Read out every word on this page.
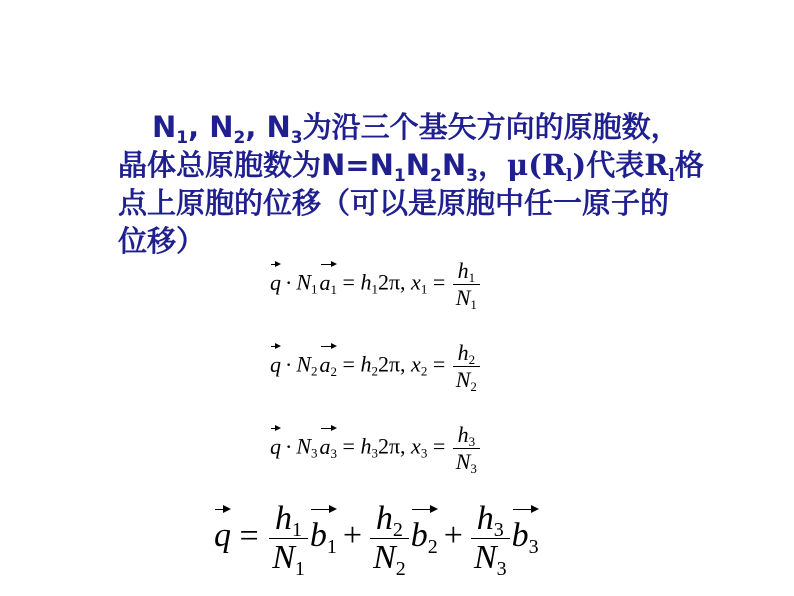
$N_1$, $N_2$, $N_3$为沿三个基矢方向的原胞数，
晶体总原胞数为$N=N_1N_2N_3$，$\mu(R_l)$代表$R_l$格
点上原胞的位移（可以是原胞中任一原子的
位移）
$q \cdot N_1$
$a_1 = h_12\pi$, $x_1 = \frac{h_1}{N_1}$
$q \cdot N_2$
$a_2 = h_22\pi$, $x_2 = \frac{h_2}{N_2}$
$q \cdot N_3$
$a_3 = h_32\pi$, $x_3 = \frac{h_3}{N_3}$
$q = \frac{h_1}{N_1} b_1 + \frac{h_2}{N_2} b_2 + \frac{h_3}{N_3} b_3$
